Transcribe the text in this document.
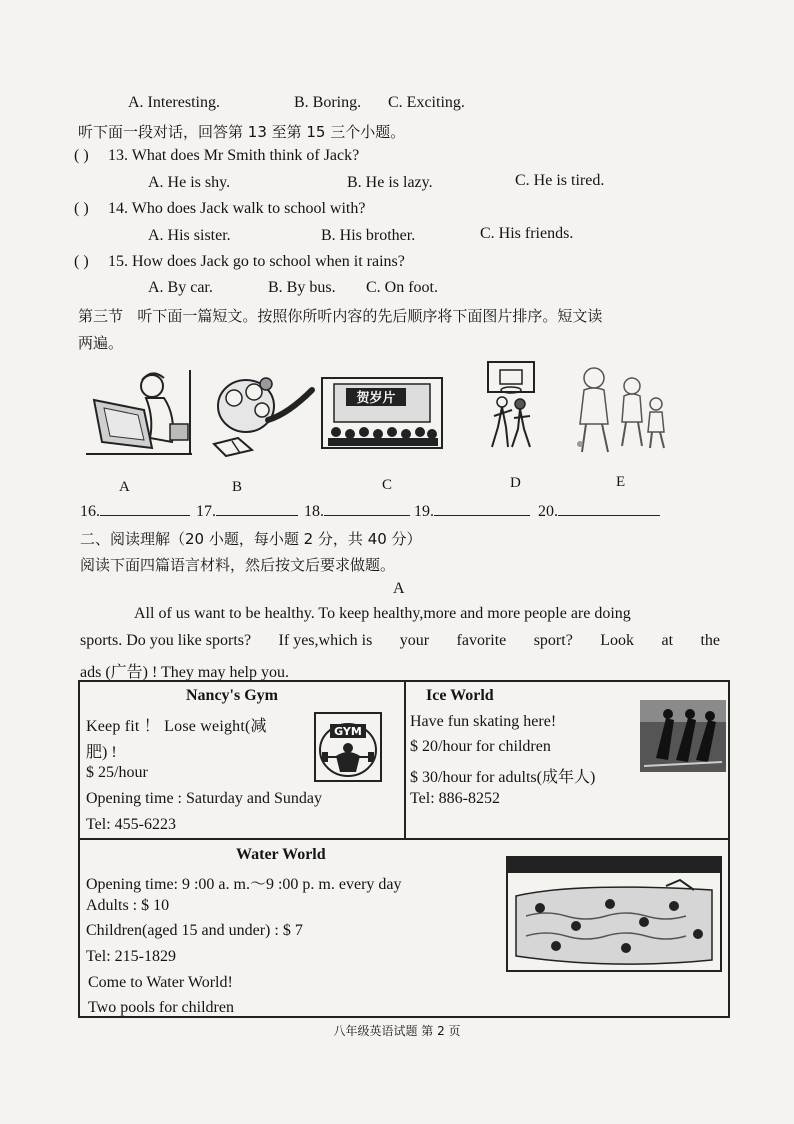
A. Interesting.	B. Boring. C. Exciting.
听下面一段对话，回答第 13 至第 15 三个小题。
( ) 13. What does Mr Smith think of Jack?
A. He is shy.	B. He is lazy.	C. He is tired.
( ) 14. Who does Jack walk to school with?
A. His sister.	B. His brother.	C. His friends.
( ) 15. How does Jack go to school when it rains?
A. By car.	B. By bus. C. On foot.
第三节 听下面一篇短文。按照你所听内容的先后顺序将下面图片排序。短文读
两遍。
A	B
贺岁片
C	D	E
16.	17.	18.	19.	20.
二、阅读理解（20 小题，每小题 2 分，共 40 分）
阅读下面四篇语言材料，然后按文后要求做题。
A
All of us want to be healthy. To keep healthy,more and more people are doing
sports. Do you like sports? If yes,which is your favorite sport? Look at the
ads (广告) ! They may help you.
Nancy's Gym
Keep fit ！ Lose weight(减
肥) !
$ 25/hour
Opening time : Saturday and Sunday
Tel: 455-6223
GYM
Ice World
Have fun skating here!
$ 20/hour for children
$ 30/hour for adults(成年人)
Tel: 886-8252
Water World
Opening time: 9 :00 a. m.～9 :00 p. m. every day
Adults : $ 10
Children(aged 15 and under) : $ 7
Tel: 215-1829
Come to Water World!
Two pools for children
八年级英语试题 第 2 页
